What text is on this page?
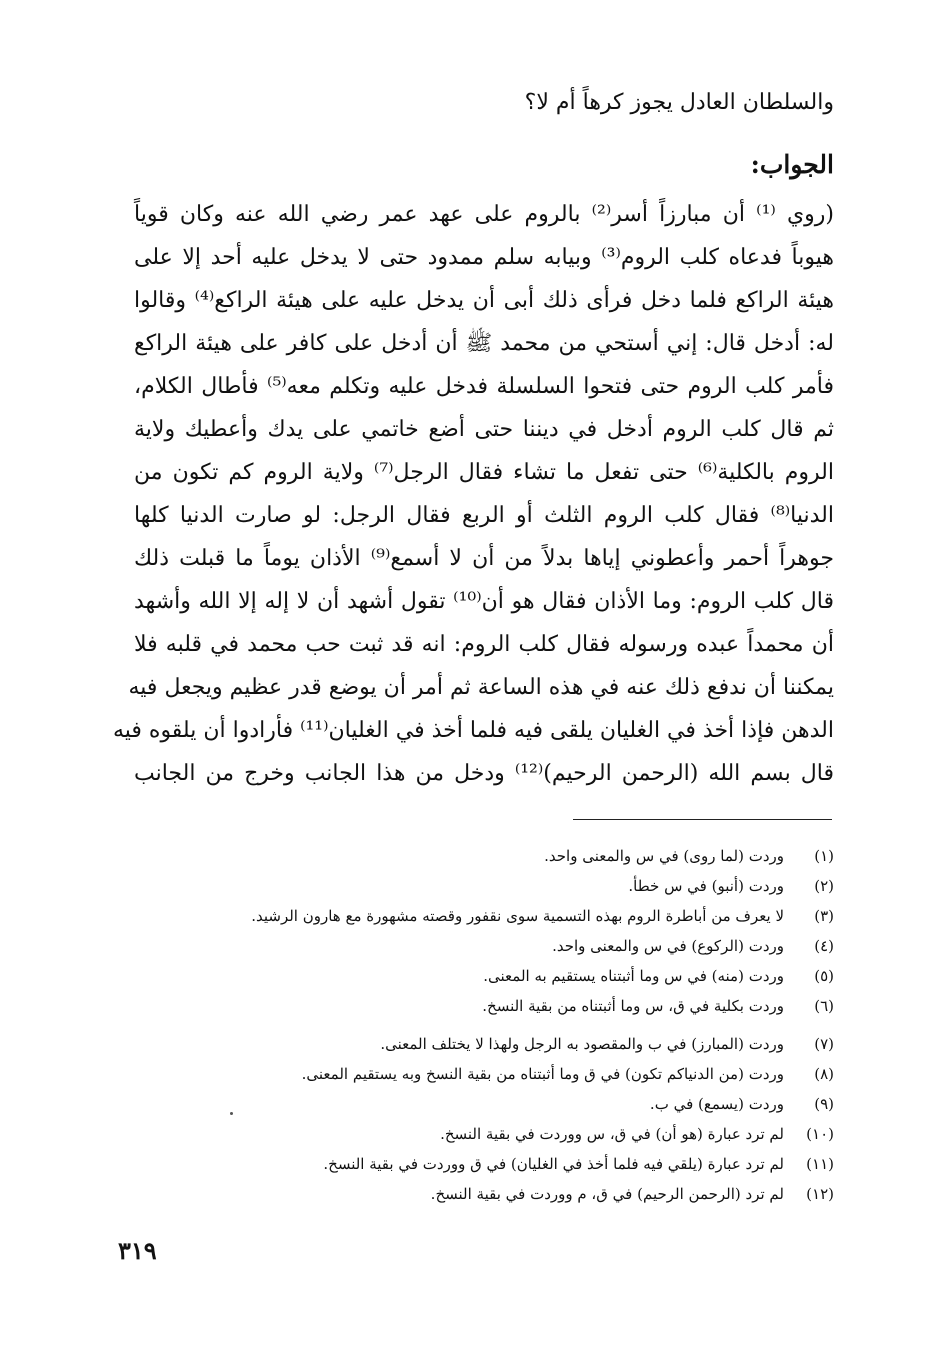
والسلطان العادل يجوز كرهاً أم لا؟
الجواب:
(روي ⁽¹⁾ أن مبارزاً أسر⁽²⁾ بالروم على عهد عمر رضي الله عنه وكان قوياً
هيوباً فدعاه كلب الروم⁽³⁾ وبيابه سلم ممدود حتى لا يدخل عليه أحد إلا على
هيئة الراكع فلما دخل فرأى ذلك أبى أن يدخل عليه على هيئة الراكع⁽⁴⁾ وقالوا
له: أدخل قال: إني أستحي من محمد ﷺ أن أدخل على كافر على هيئة الراكع
فأمر كلب الروم حتى فتحوا السلسلة فدخل عليه وتكلم معه⁽⁵⁾ فأطال الكلام،
ثم قال كلب الروم أدخل في ديننا حتى أضع خاتمي على يدك وأعطيك ولاية
الروم بالكلية⁽⁶⁾ حتى تفعل ما تشاء فقال الرجل⁽⁷⁾ ولاية الروم كم تكون من
الدنيا⁽⁸⁾ فقال كلب الروم الثلث أو الربع فقال الرجل: لو صارت الدنيا كلها
جوهراً أحمر وأعطوني إياها بدلاً من أن لا أسمع⁽⁹⁾ الأذان يوماً ما قبلت ذلك
قال كلب الروم: وما الأذان فقال هو أن⁽¹⁰⁾ تقول أشهد أن لا إله إلا الله وأشهد
أن محمداً عبده ورسوله فقال كلب الروم: انه قد ثبت حب محمد في قلبه فلا
يمكننا أن ندفع ذلك عنه في هذه الساعة ثم أمر أن يوضع قدر عظيم ويجعل فيه
الدهن فإذا أخذ في الغليان يلقى فيه فلما أخذ في الغليان⁽¹¹⁾ فأرادوا أن يلقوه فيه
قال بسم الله (الرحمن الرحيم)⁽¹²⁾ ودخل من هذا الجانب وخرج من الجانب
(١)وردت (لما روى) في س والمعنى واحد.
(٢)وردت (أنبو) في س خطأ.
(٣)لا يعرف من أباطرة الروم بهذه التسمية سوى نقفور وقصته مشهورة مع هارون الرشيد.
(٤)وردت (الركوع) في س والمعنى واحد.
(٥)وردت (منه) في س وما أثبتناه يستقيم به المعنى.
(٦)وردت بكلية في ق، س وما أثبتناه من بقية النسخ.
(٧)وردت (المبارز) في ب والمقصود به الرجل ولهذا لا يختلف المعنى.
(٨)وردت (من الدنياكم تكون) في ق وما أثبتناه من بقية النسخ وبه يستقيم المعنى.
(٩)وردت (يسمع) في ب.
(١٠)لم ترد عبارة (هو أن) في ق، س ووردت في بقية النسخ.
(١١)لم ترد عبارة (يلقي فيه فلما أخذ في الغليان) في ق ووردت في بقية النسخ.
(١٢)لم ترد (الرحمن الرحيم) في ق، م ووردت في بقية النسخ.
٣١٩
